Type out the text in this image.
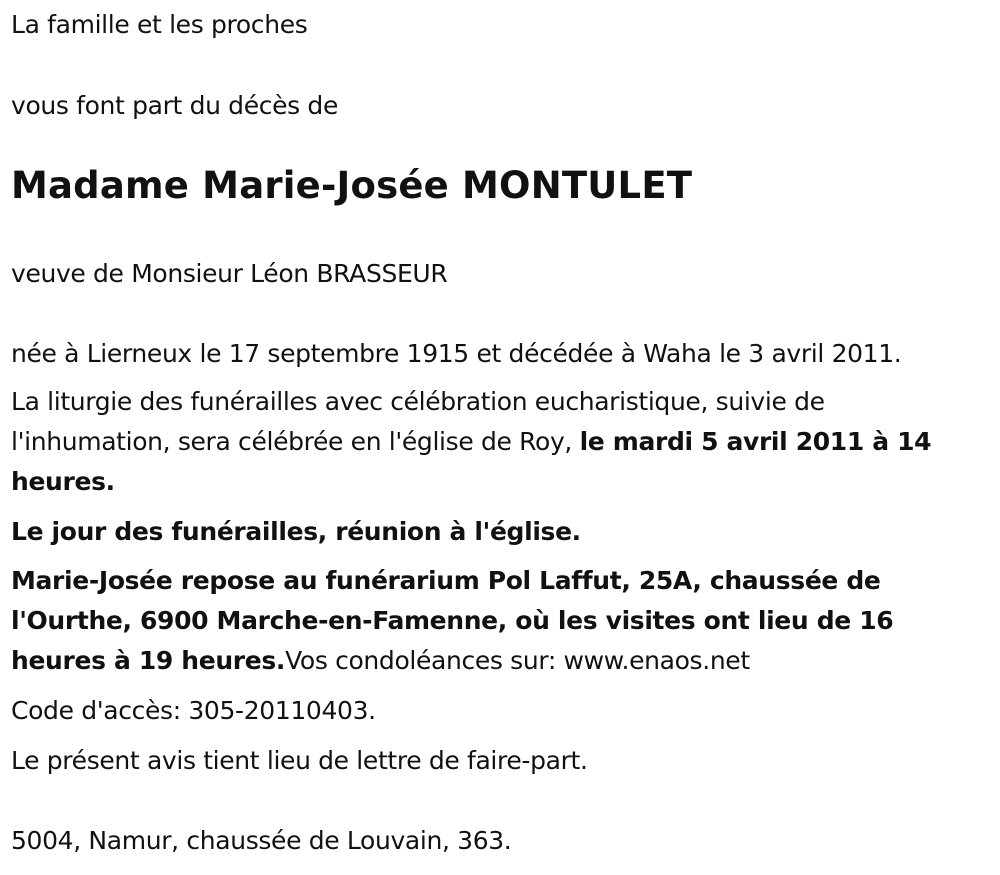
La famille et les proches
vous font part du décès de
Madame Marie-Josée MONTULET
veuve de Monsieur Léon BRASSEUR
née à Lierneux le 17 septembre 1915 et décédée à Waha le 3 avril 2011.
La liturgie des funérailles avec célébration eucharistique, suivie de l'inhumation, sera célébrée en l'église de Roy, le mardi 5 avril 2011 à 14 heures.
Le jour des funérailles, réunion à l'église.
Marie-Josée repose au funérarium Pol Laffut, 25A, chaussée de l'Ourthe, 6900 Marche-en-Famenne, où les visites ont lieu de 16 heures à 19 heures.Vos condoléances sur: www.enaos.net
Code d'accès: 305-20110403.
Le présent avis tient lieu de lettre de faire-part.
5004, Namur, chaussée de Louvain, 363.
